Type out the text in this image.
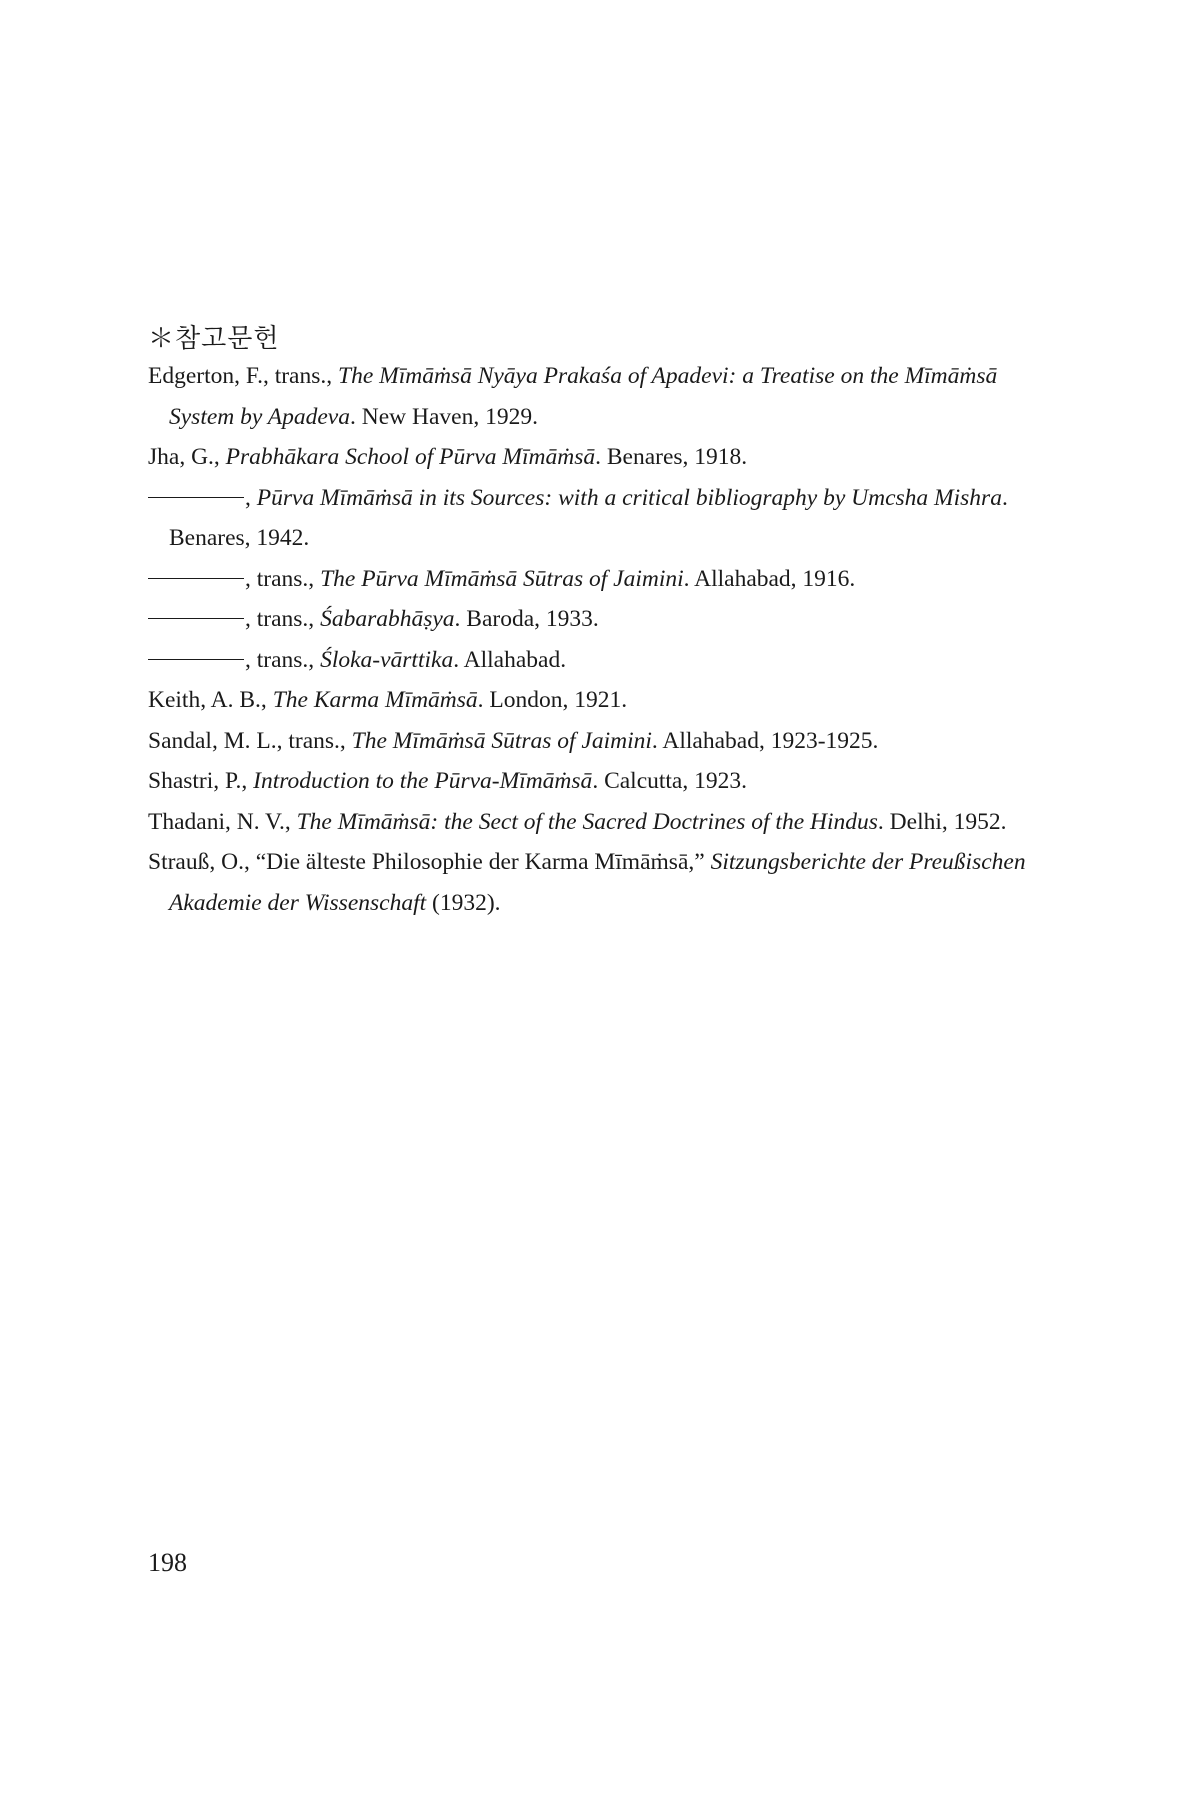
＊참고문헌

Edgerton, F., trans., The Mīmāṁsā Nyāya Prakaśa of Apadevi: a Treatise on the Mīmāṁsā System by Apadeva. New Haven, 1929.

Jha, G., Prabhākara School of Pūrva Mīmāṁsā. Benares, 1918.

, Pūrva Mīmāṁsā in its Sources: with a critical bibliography by Umcsha Mishra. Benares, 1942.

, trans., The Pūrva Mīmāṁsā Sūtras of Jaimini. Allahabad, 1916.

, trans., Śabarabhāṣya. Baroda, 1933.

, trans., Śloka-vārttika. Allahabad.

Keith, A. B., The Karma Mīmāṁsā. London, 1921.

Sandal, M. L., trans., The Mīmāṁsā Sūtras of Jaimini. Allahabad, 1923-1925.

Shastri, P., Introduction to the Pūrva-Mīmāṁsā. Calcutta, 1923.

Thadani, N. V., The Mīmāṁsā: the Sect of the Sacred Doctrines of the Hindus. Delhi, 1952.

Strauß, O., “Die älteste Philosophie der Karma Mīmāṁsā,” Sitzungsberichte der Preußischen Akademie der Wissenschaft (1932).

198
